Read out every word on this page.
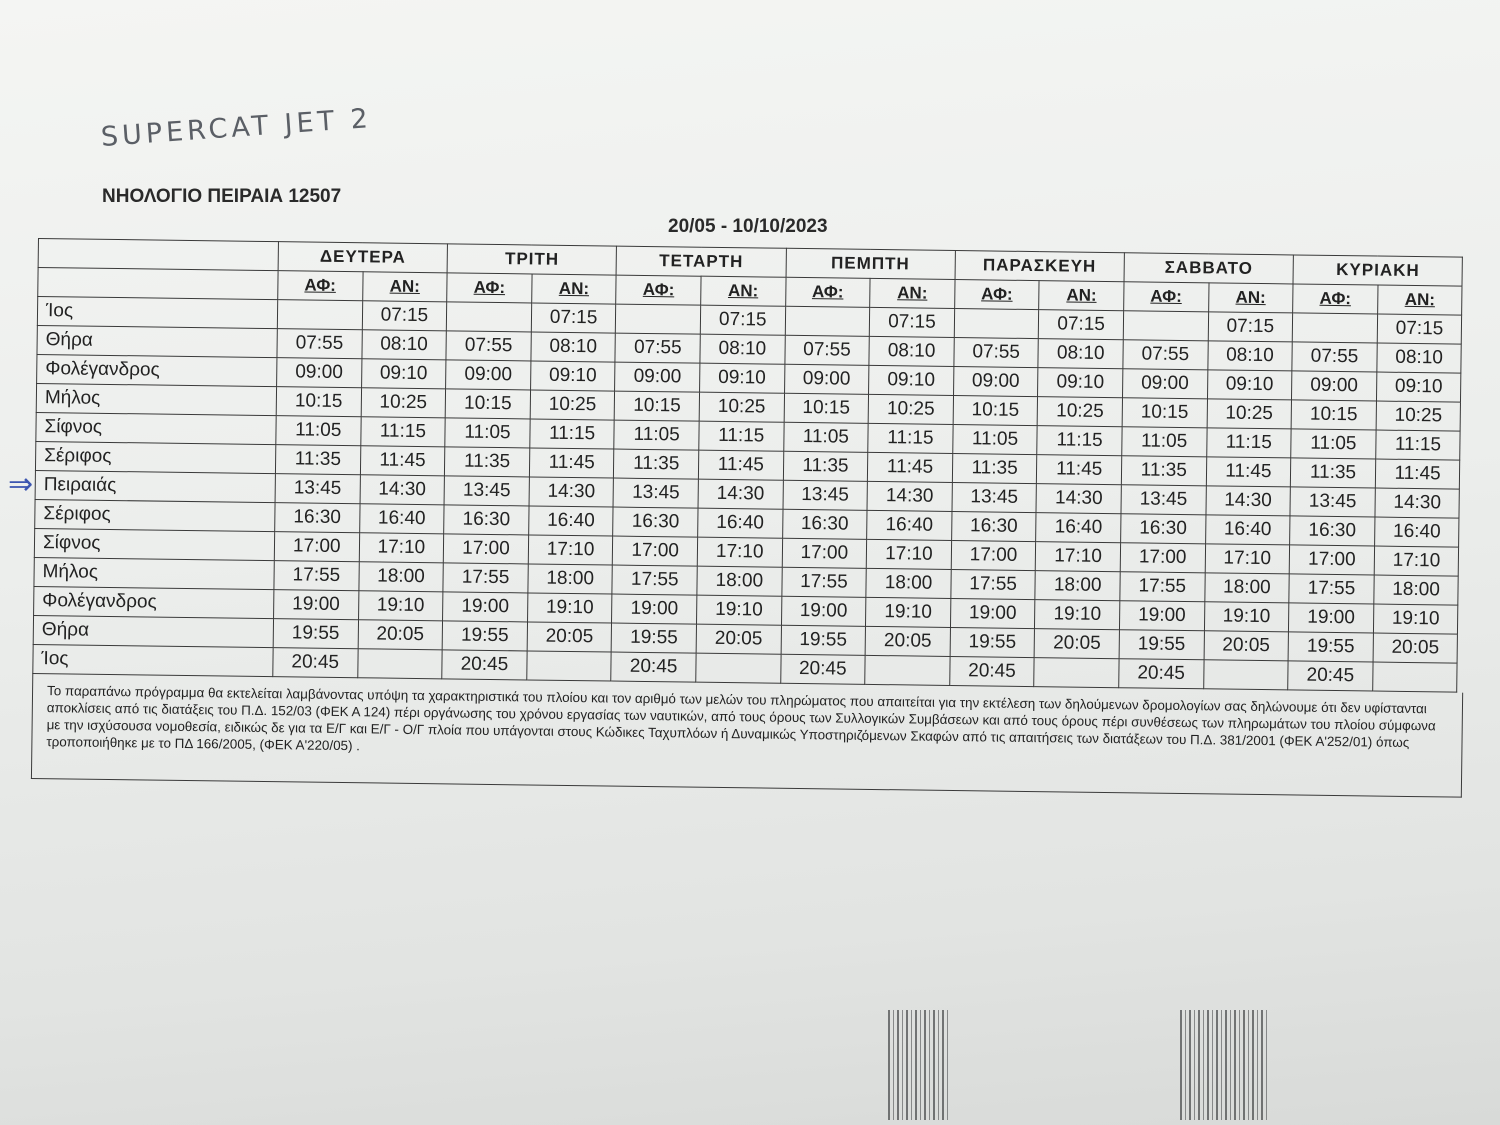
SUPERCAT JET 2
ΝΗΟΛΟΓΙΟ ΠΕΙΡΑΙΑ 12507
20/05 - 10/10/2023
⇒
	ΔΕΥΤΕΡΑ		ΤΡΙΤΗ		ΤΕΤΑΡΤΗ		ΠΕΜΠΤΗ		ΠΑΡΑΣΚΕΥΗ		ΣΑΒΒΑΤΟ		ΚΥΡΙΑΚΗ	
	ΑΦ:	ΑΝ:	ΑΦ:	ΑΝ:	ΑΦ:	ΑΝ:	ΑΦ:	ΑΝ:	ΑΦ:	ΑΝ:	ΑΦ:	ΑΝ:	ΑΦ:	ΑΝ:
Ίος		07:15		07:15		07:15		07:15		07:15		07:15		07:15
Θήρα	07:55	08:10	07:55	08:10	07:55	08:10	07:55	08:10	07:55	08:10	07:55	08:10	07:55	08:10
Φολέγανδρος	09:00	09:10	09:00	09:10	09:00	09:10	09:00	09:10	09:00	09:10	09:00	09:10	09:00	09:10
Μήλος	10:15	10:25	10:15	10:25	10:15	10:25	10:15	10:25	10:15	10:25	10:15	10:25	10:15	10:25
Σίφνος	11:05	11:15	11:05	11:15	11:05	11:15	11:05	11:15	11:05	11:15	11:05	11:15	11:05	11:15
Σέριφος	11:35	11:45	11:35	11:45	11:35	11:45	11:35	11:45	11:35	11:45	11:35	11:45	11:35	11:45
Πειραιάς	13:45	14:30	13:45	14:30	13:45	14:30	13:45	14:30	13:45	14:30	13:45	14:30	13:45	14:30
Σέριφος	16:30	16:40	16:30	16:40	16:30	16:40	16:30	16:40	16:30	16:40	16:30	16:40	16:30	16:40
Σίφνος	17:00	17:10	17:00	17:10	17:00	17:10	17:00	17:10	17:00	17:10	17:00	17:10	17:00	17:10
Μήλος	17:55	18:00	17:55	18:00	17:55	18:00	17:55	18:00	17:55	18:00	17:55	18:00	17:55	18:00
Φολέγανδρος	19:00	19:10	19:00	19:10	19:00	19:10	19:00	19:10	19:00	19:10	19:00	19:10	19:00	19:10
Θήρα	19:55	20:05	19:55	20:05	19:55	20:05	19:55	20:05	19:55	20:05	19:55	20:05	19:55	20:05
Ίος	20:45		20:45		20:45		20:45		20:45		20:45		20:45	
Το παραπάνω πρόγραμμα θα εκτελείται λαμβάνοντας υπόψη τα χαρακτηριστικά του πλοίου και τον αριθμό των μελών του πληρώματος που απαιτείται για την εκτέλεση των δηλούμενων δρομολογίων σας δηλώνουμε ότι δεν υφίστανται αποκλίσεις από τις διατάξεις του Π.Δ. 152/03 (ΦΕΚ Α 124) πέρι οργάνωσης του χρόνου εργασίας των ναυτικών, από τους όρους των Συλλογικών Συμβάσεων και από τους όρους πέρι συνθέσεως των πληρωμάτων του πλοίου σύμφωνα με την ισχύσουσα νομοθεσία, ειδικώς δε για τα Ε/Γ και Ε/Γ - Ο/Γ πλοία που υπάγονται στους Κώδικες Ταχυπλόων ή Δυναμικώς Υποστηριζόμενων Σκαφών από τις απαιτήσεις των διατάξεων του Π.Δ. 381/2001 (ΦΕΚ Α'252/01) όπως τροποποιήθηκε με το ΠΔ 166/2005, (ΦΕΚ Α'220/05) .
